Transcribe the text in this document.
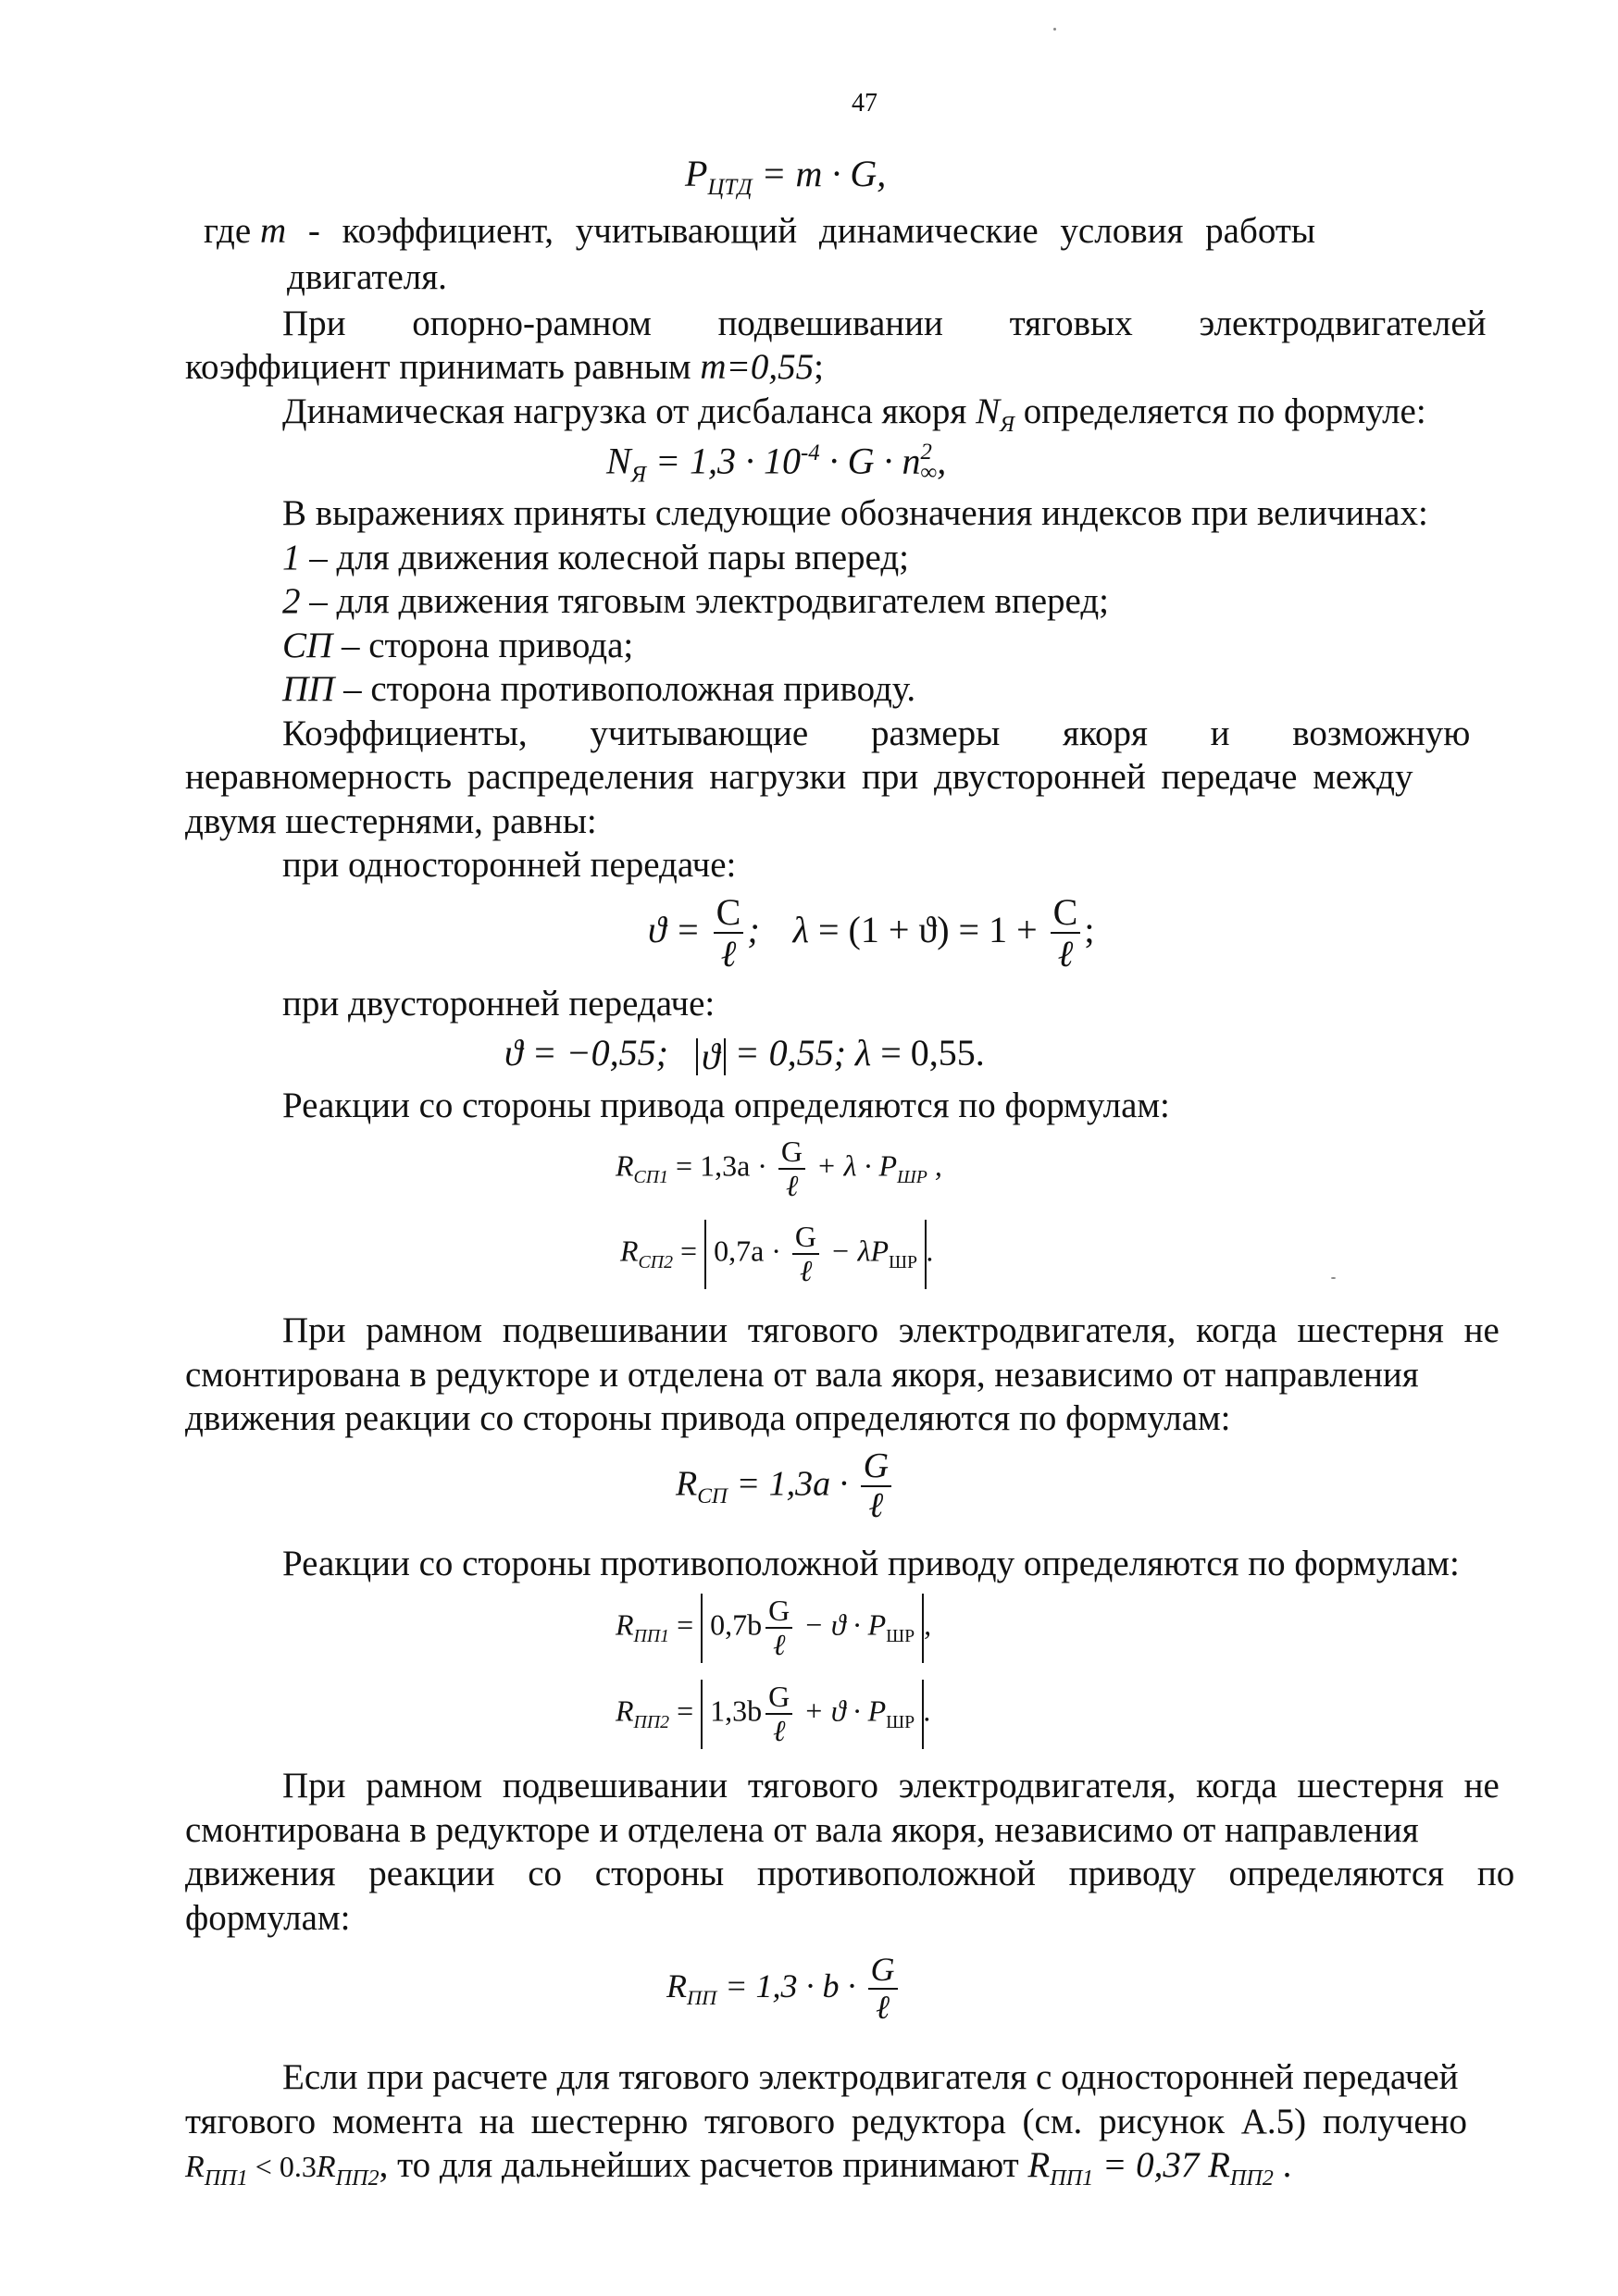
47
$P_{ЦТД} = m \cdot G$,
где m - коэффициент, учитывающий динамические условия работы
двигателя.
При опорно-рамном подвешивании тяговых электродвигателей
коэффициент принимать равным m=0,55;
Динамическая нагрузка от дисбаланса якоря $N_Я$ определяется по формуле:
$N_Я = 1,3 \cdot 10^{-4} \cdot G \cdot n$ 2
∞ ,
В выражениях приняты следующие обозначения индексов при величинах:
1 – для движения колесной пары вперед;
2 – для движения тяговым электродвигателем вперед;
СП – сторона привода;
ПП – сторона противоположная приводу.
Коэффициенты, учитывающие размеры якоря и возможную
неравномерность распределения нагрузки при двусторонней передаче между
двумя шестернями, равны:
при односторонней передаче:
$ϑ = \frac{C}{\text{ℓ}}$ ; $\lambda = (1 + ϑ) = 1 + \frac{C}{\text{ℓ}}$ ;
при двусторонней передаче:
ϑ = −0,55; ϑ = 0,55; λ = 0,55.
Реакции со стороны привода определяются по формулам:
$R_{СП1} = 1,3a \cdot \frac{G}{\text{ℓ}} + \lambda \cdot P_{ШР}$ ,
$R_{СП2} = 0,7a \cdot \frac{G}{\text{ℓ}} - \lambda P_{ШР}$ .
При рамном подвешивании тягового электродвигателя, когда шестерня не
смонтирована в редукторе и отделена от вала якоря, независимо от направления
движения реакции со стороны привода определяются по формулам:
$R_{СП} = 1,3a \cdot \frac{G}{\text{ℓ}}$
Реакции со стороны противоположной приводу определяются по формулам:
$R_{ПП1} = 0,7b \frac{G}{\text{ℓ}} - ϑ \cdot P_{ШР}$ ,
$R_{ПП2} = 1,3b \frac{G}{\text{ℓ}} + ϑ \cdot P_{ШР}$ .
При рамном подвешивании тягового электродвигателя, когда шестерня не
смонтирована в редукторе и отделена от вала якоря, независимо от направления
движения реакции со стороны противоположной приводу определяются по
формулам:
$R_{ПП} = 1,3 \cdot b \cdot \frac{G}{\text{ℓ}}$
Если при расчете для тягового электродвигателя с односторонней передачей
тягового момента на шестерню тягового редуктора (см. рисунок А.5) получено
$R_{ПП1} < 0.3R_{ПП2}$, то для дальнейших расчетов принимают $R_{ПП1} = 0,37$ $R_{ПП2}$ .
